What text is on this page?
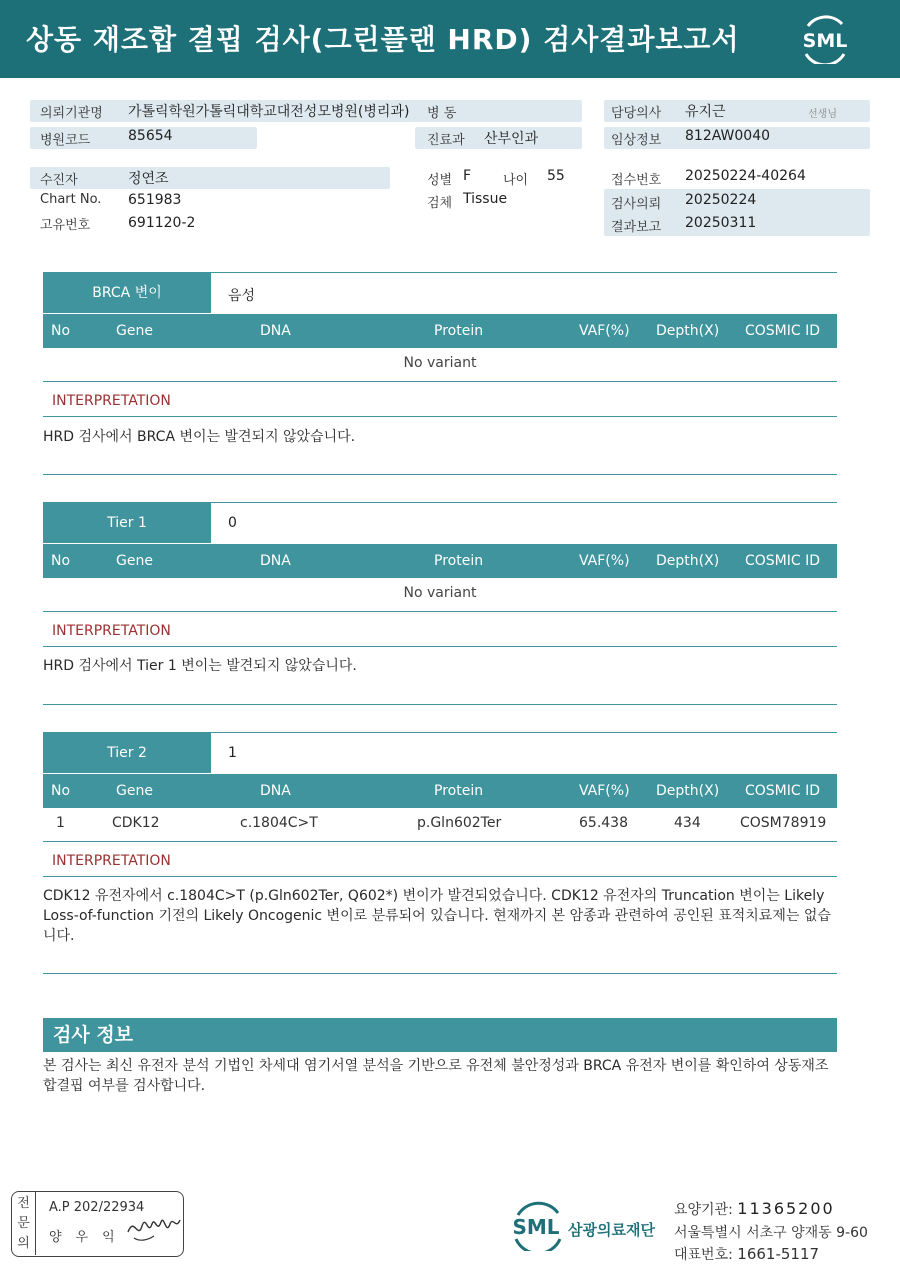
상동 재조합 결핍 검사(그린플랜 HRD) 검사결과보고서	SML
의뢰기관명 가톨릭학원가톨릭대학교대전성모병원(병리과) 병 동
병원코드	85654	진료과 산부인과
담당의사 유지근	선생님
임상정보 812AW0040
수진자	정연조	성별 F 나이 55	접수번호 20250224-40264
Chart No. 651983	검체 Tissue	검사의뢰 20250224
고유번호	691120-2	결과보고 20250311
BRCA 변이	음성
No	Gene	DNA	Protein	VAF(%) Depth(X) COSMIC ID
No variant
INTERPRETATION
HRD 검사에서 BRCA 변이는 발견되지 않았습니다.
Tier 1	0
No	Gene	DNA	Protein	VAF(%) Depth(X) COSMIC ID
No variant
INTERPRETATION
HRD 검사에서 Tier 1 변이는 발견되지 않았습니다.
Tier 2	1
No	Gene	DNA	Protein	VAF(%) Depth(X) COSMIC ID
1	CDK12	c.1804C>T	p.Gln602Ter	65.438	434	COSM78919
INTERPRETATION
CDK12 유전자에서 c.1804C>T (p.Gln602Ter, Q602*) 변이가 발견되었습니다. CDK12 유전자의 Truncation 변이는 Likely Loss-of-function 기전의 Likely Oncogenic 변이로 분류되어 있습니다. 현재까지 본 암종과 관련하여 공인된 표적치료제는 없습니다.
검사 정보
본 검사는 최신 유전자 분석 기법인 차세대 염기서열 분석을 기반으로 유전체 불안정성과 BRCA 유전자 변이를 확인하여 상동재조합결핍 여부를 검사합니다.
전문의
A.P 202/22934
양우익	SML 삼광의료재단
요양기관: 11365200
서울특별시 서초구 양재동 9-60
대표번호: 1661-5117
